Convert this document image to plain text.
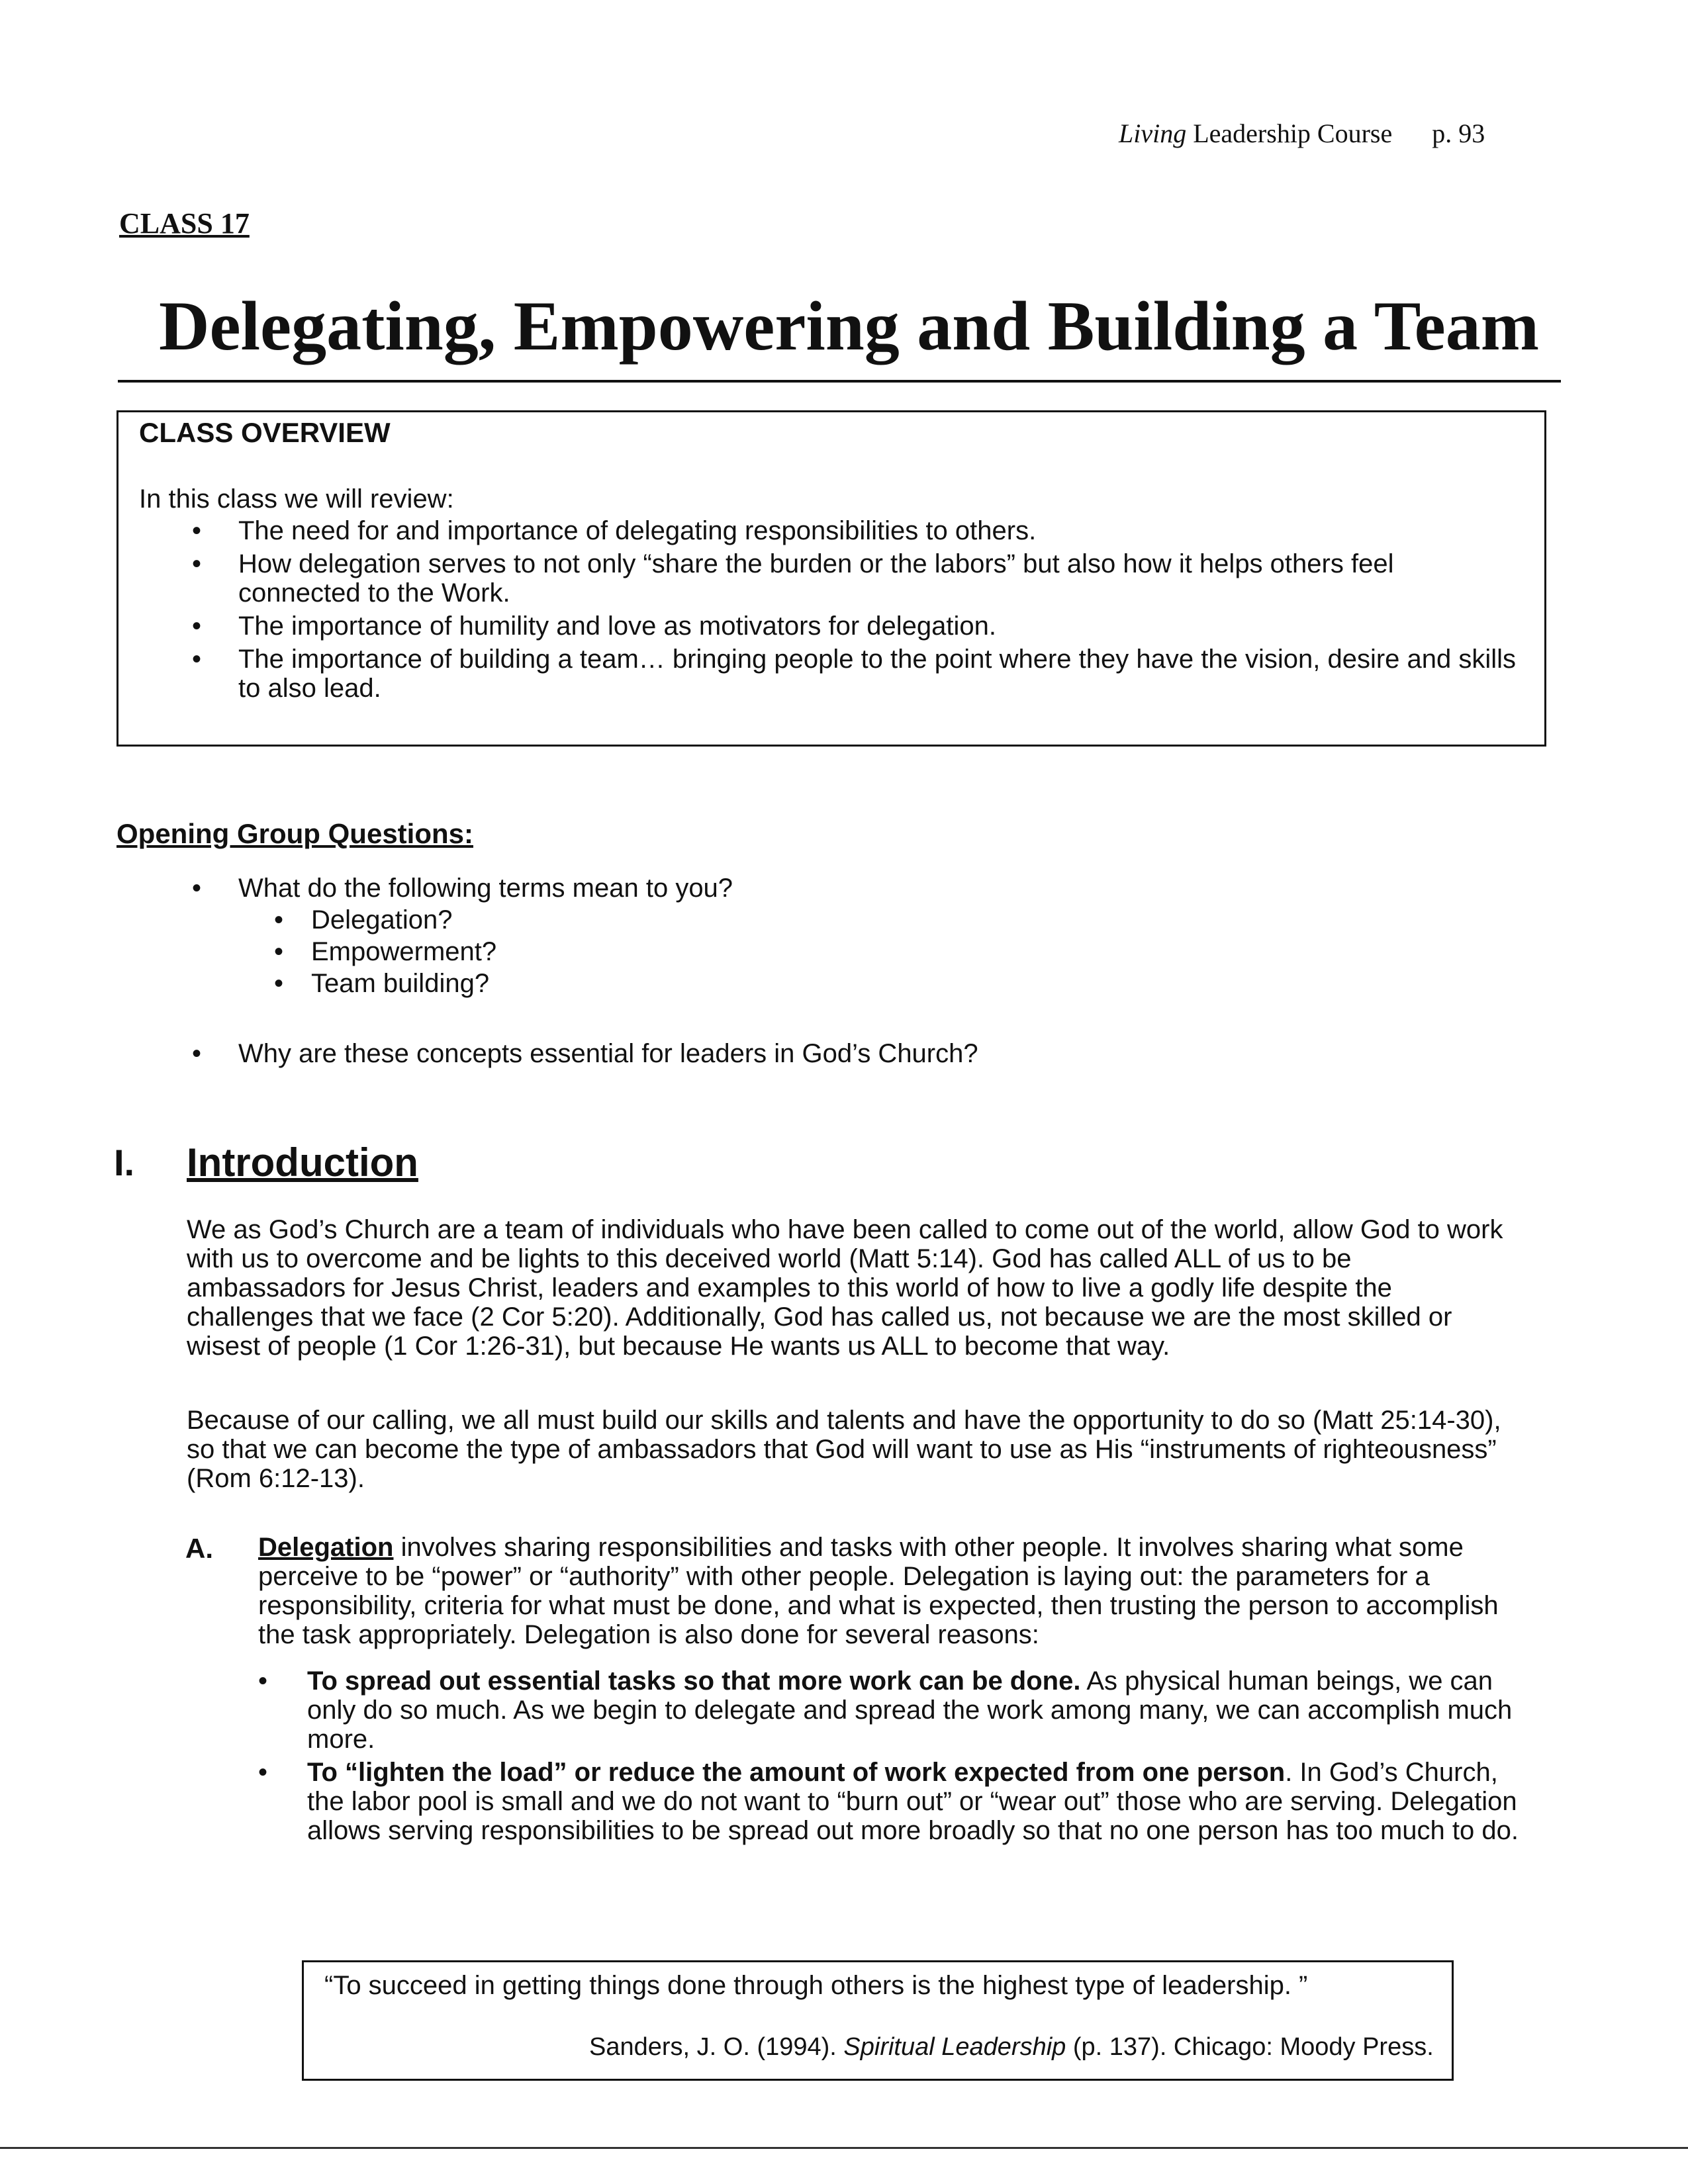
Living Leadership Course p. 93
CLASS 17
Delegating, Empowering and Building a Team
CLASS OVERVIEW
In this class we will review:
• The need for and importance of delegating responsibilities to others.
• How delegation serves to not only “share the burden or the labors” but also how it helps others feel connected to the Work.
• The importance of humility and love as motivators for delegation.
• The importance of building a team… bringing people to the point where they have the vision, desire and skills to also lead.
Opening Group Questions:
• What do the following terms mean to you?
• Delegation?
• Empowerment?
• Team building?
• Why are these concepts essential for leaders in God’s Church?
I. Introduction
We as God’s Church are a team of individuals who have been called to come out of the world, allow God to work with us to overcome and be lights to this deceived world (Matt 5:14). God has called ALL of us to be ambassadors for Jesus Christ, leaders and examples to this world of how to live a godly life despite the challenges that we face (2 Cor 5:20). Additionally, God has called us, not because we are the most skilled or wisest of people (1 Cor 1:26-31), but because He wants us ALL to become that way.
Because of our calling, we all must build our skills and talents and have the opportunity to do so (Matt 25:14-30), so that we can become the type of ambassadors that God will want to use as His “instruments of righteousness” (Rom 6:12-13).
A. Delegation involves sharing responsibilities and tasks with other people. It involves sharing what some perceive to be “power” or “authority” with other people. Delegation is laying out: the parameters for a responsibility, criteria for what must be done, and what is expected, then trusting the person to accomplish the task appropriately. Delegation is also done for several reasons:
• To spread out essential tasks so that more work can be done. As physical human beings, we can only do so much. As we begin to delegate and spread the work among many, we can accomplish much more.
• To “lighten the load” or reduce the amount of work expected from one person. In God’s Church, the labor pool is small and we do not want to “burn out” or “wear out” those who are serving. Delegation allows serving responsibilities to be spread out more broadly so that no one person has too much to do.
“To succeed in getting things done through others is the highest type of leadership. ”
Sanders, J. O. (1994). Spiritual Leadership (p. 137). Chicago: Moody Press.
